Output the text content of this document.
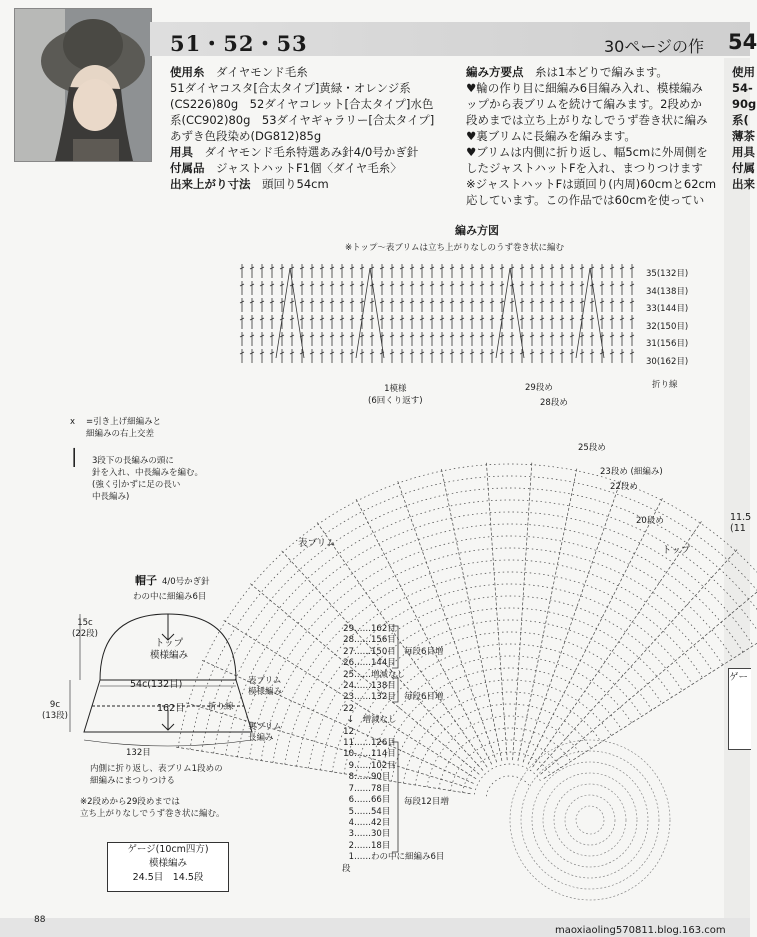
51・52・53	30ページの作 54
使用糸　 ダイヤモンド毛糸
51ダイヤコスタ[合太タイプ]黄緑・オレンジ系
(CS226)80g　52ダイヤコレット[合太タイプ]水色
系(CC902)80g　53ダイヤギャラリー[合太タイプ]
あずき色段染め(DG812)85g
用具　 ダイヤモンド毛糸特選あみ針4/0号かぎ針
付属品　 ジャストハットF1個〈ダイヤ毛糸〉
出来上がり寸法　 頭回り54cm
編み方要点　 糸は1本どりで編みます。
♥輪の作り目に細編み6目編み入れ、模様編み
ップから表ブリムを続けて編みます。2段めか
段めまでは立ち上がりなしでうず巻き状に編み
♥裏ブリムに長編みを編みます。
♥ブリムは内側に折り返し、幅5cmに外周側を
したジャストハットFを入れ、まつりつけます
※ジャストハットFは頭回り(内周)60cmと62cm
応しています。この作品では60cmを使ってい
使用
54-
90g
系(
薄茶
用具
付属
出来
11.5
(11
ゲー
編み方図
※トップ〜表ブリムは立ち上がりなしのうず巻き状に編む
35(132目)
34(138目)
33(144目)
32(150目)
31(156目)
30(162目)
折り線
1模様
(6回くり返す)
29段め
28段め
25段め
23段め (細編み)
22段め
20段め
表ブリム
トップ
ⅹ =引き上げ細編みと
細編みの右上交差
⎮ 3段下の長編みの頭に
針を入れ、中長編みを編む。
(強く引かずに足の長い
中長編み)
帽子 4/0号かぎ針
わの中に細編み6目
15c
(22段)
トップ
模様編み
54c(132目)	表ブリム
模様編み
折り線
162目
9c
(13段)
裏ブリム
長編み
132目
内側に折り返し、表ブリム1段めの
細編みにまつりつける
※2段めから29段めまでは
立ち上がりなしでうず巻き状に編む。
29……162目
28……156目
27……150目
26……144目
25……増減なし
24……138目
23……132目
22
↓　 増減なし
12
11……126目
10……114目
9……102目
8……90目
7……78目
6……66目
5……54目
4……42目
3……30目
2……18目
1……わの中に細編み6目
段
毎段6目増
毎段6目増
毎段12目増
ゲージ(10cm四方)
模様編み
24.5目　14.5段
88
maoxiaoling570811.blog.163.com
